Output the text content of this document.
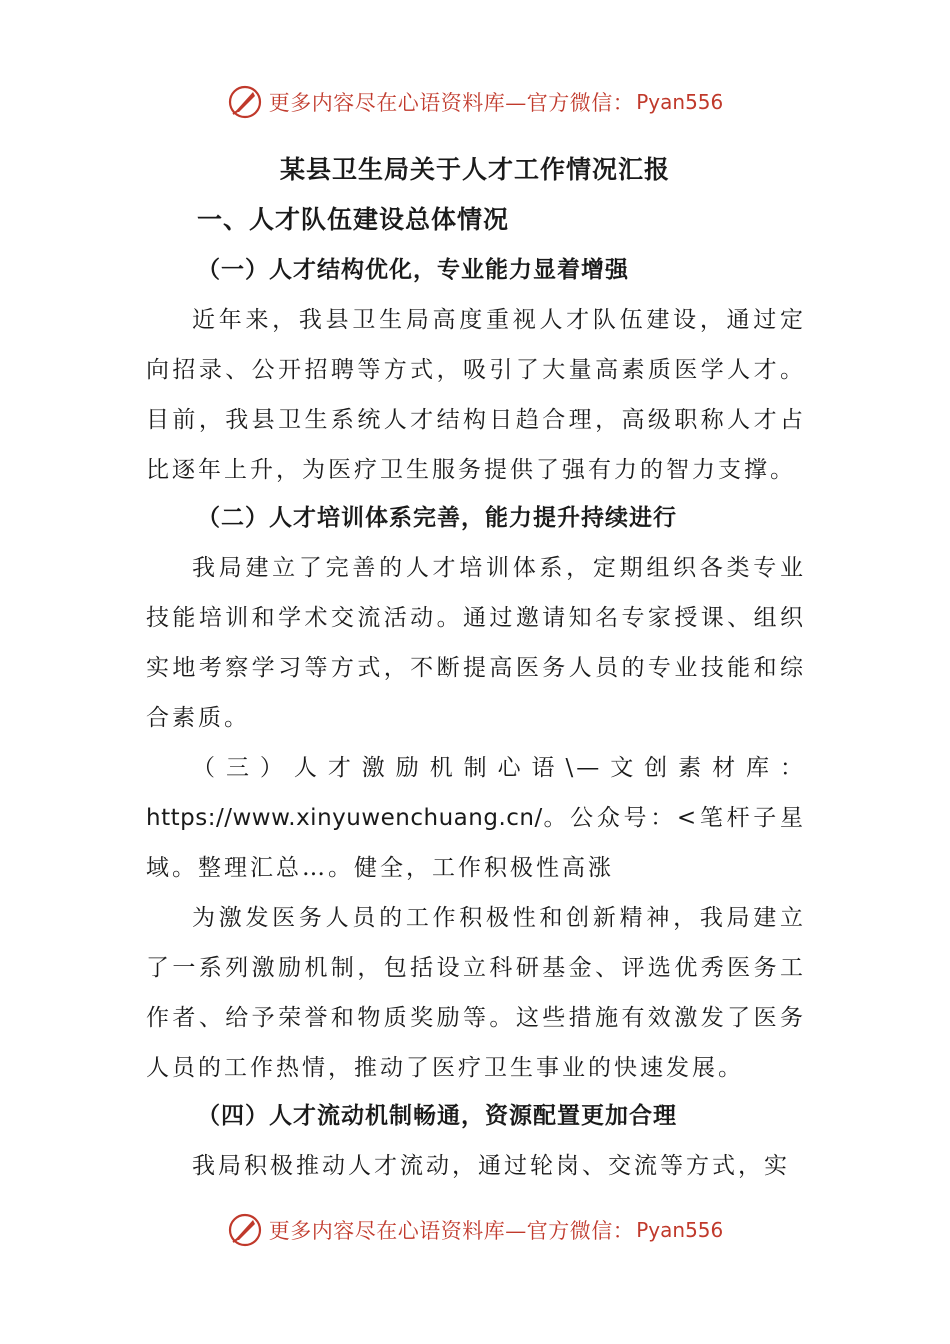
更多内容尽在心语资料库—官方微信： Pyan556
某县卫生局关于人才工作情况汇报
一、人才队伍建设总体情况
（一）人才结构优化，专业能力显着增强

近年来，我县卫生局高度重视人才队伍建设，通过定向招录、公开招聘等方式，吸引了大量高素质医学人才。目前，我县卫生系统人才结构日趋合理，高级职称人才占比逐年上升，为医疗卫生服务提供了强有力的智力支撑。

（二）人才培训体系完善，能力提升持续进行

我局建立了完善的人才培训体系，定期组织各类专业技能培训和学术交流活动。通过邀请知名专家授课、组织实地考察学习等方式，不断提高医务人员的专业技能和综合素质。

（三）人才激励机制心语\—文创素材库：https://www.xinyuwenchuang.cn/。公众号：<笔杆子星域。整理汇总…。健全，工作积极性高涨

为激发医务人员的工作积极性和创新精神，我局建立了一系列激励机制，包括设立科研基金、评选优秀医务工作者、给予荣誉和物质奖励等。这些措施有效激发了医务人员的工作热情，推动了医疗卫生事业的快速发展。

（四）人才流动机制畅通，资源配置更加合理

我局积极推动人才流动，通过轮岗、交流等方式，实

更多内容尽在心语资料库—官方微信： Pyan556
